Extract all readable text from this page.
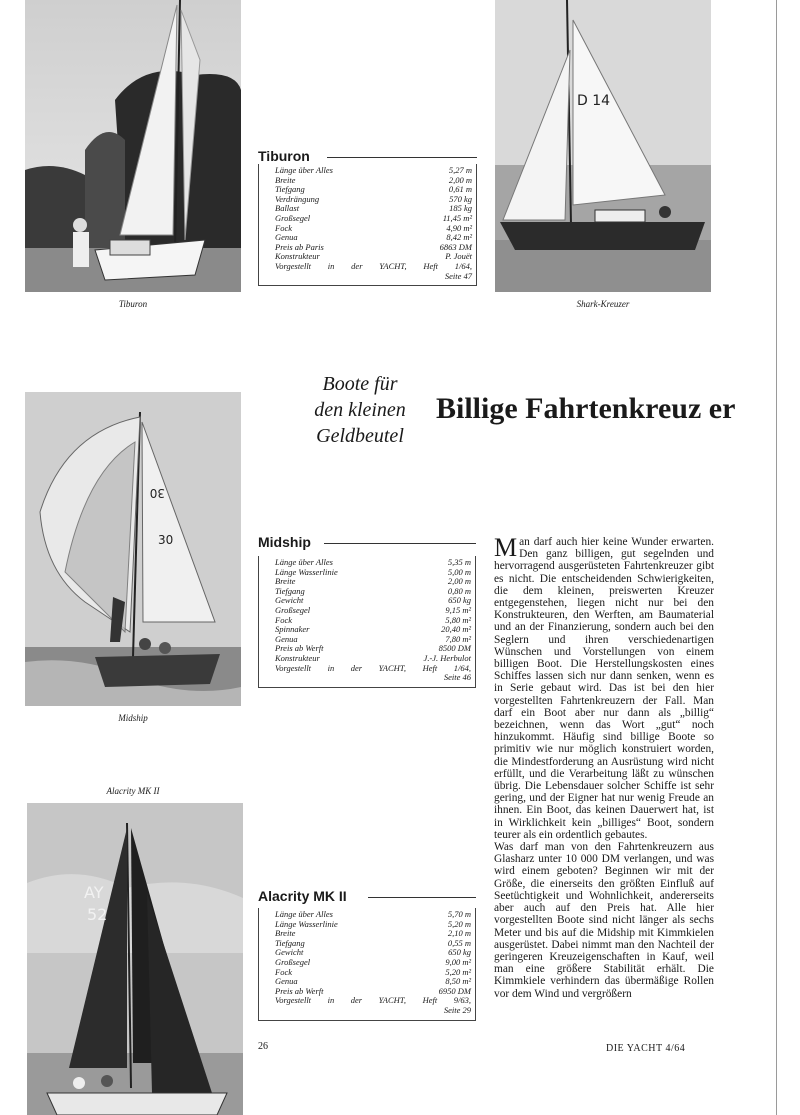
Tiburon
D 14
Shark-Kreuzer
30
30
Midship
Alacrity MK II
AY
52
Tiburon
Länge über Alles	5,27 m
Breite	2,00 m
Tiefgang	0,61 m
Verdrängung	570 kg
Ballast	185 kg
Großsegel	11,45 m²
Fock	4,90 m²
Genua	8,42 m²
Preis ab Paris	6863 DM
Konstrukteur	P. Jouët
Vorgestellt in der YACHT, Heft 1/64,
Seite 47
Midship
Länge über Alles	5,35 m
Länge Wasserlinie	5,00 m
Breite	2,00 m
Tiefgang	0,80 m
Gewicht	650 kg
Großsegel	9,15 m²
Fock	5,80 m²
Spinnaker	20,40 m²
Genua	7,80 m²
Preis ab Werft	8500 DM
Konstrukteur	J.-J. Herbulot
Vorgestellt in der YACHT, Heft 1/64,
Seite 46
Alacrity MK II
Länge über Alles	5,70 m
Länge Wasserlinie	5,20 m
Breite	2,10 m
Tiefgang	0,55 m
Gewicht	650 kg
Großsegel	9,00 m²
Fock	5,20 m²
Genua	8,50 m²
Preis ab Werft	6950 DM
Vorgestellt in der YACHT, Heft 9/63,
Seite 29
Boote für
den kleinen
Geldbeutel
Billige Fahrtenkreuz er
M an darf auch hier keine Wunder erwarten. Den ganz billigen, gut segelnden und hervorragend ausgerüsteten Fahrtenkreuzer gibt es nicht. Die entscheidenden Schwierigkeiten, die dem kleinen, preiswerten Kreuzer entgegenstehen, liegen nicht nur bei den Konstrukteuren, den Werften, am Baumaterial und an der Finanzierung, sondern auch bei den Seglern und ihren verschiedenartigen Wünschen und Vorstellungen von einem billigen Boot. Die Herstellungskosten eines Schiffes lassen sich nur dann senken, wenn es in Serie gebaut wird. Das ist bei den hier vorgestellten Fahrtenkreuzern der Fall. Man darf ein Boot aber nur dann als „billig“ bezeichnen, wenn das Wort „gut“ noch hinzukommt. Häufig sind billige Boote so primitiv wie nur möglich konstruiert worden, die Mindestforderung an Ausrüstung wird nicht erfüllt, und die Verarbeitung läßt zu wünschen übrig. Die Lebensdauer solcher Schiffe ist sehr gering, und der Eigner hat nur wenig Freude an ihnen. Ein Boot, das keinen Dauerwert hat, ist in Wirklichkeit kein „billiges“ Boot, sondern teurer als ein ordentlich gebautes.
Was darf man von den Fahrtenkreuzern aus Glasharz unter 10 000 DM verlangen, und was wird einem geboten? Beginnen wir mit der Größe, die einerseits den größten Einfluß auf Seetüchtigkeit und Wohnlichkeit, andererseits aber auch auf den Preis hat. Alle hier vorgestellten Boote sind nicht länger als sechs Meter und bis auf die Midship mit Kimmkielen ausgerüstet. Dabei nimmt man den Nachteil der geringeren Kreuzeigenschaften in Kauf, weil man eine größere Stabilität erhält. Die Kimmkiele verhindern das übermäßige Rollen vor dem Wind und vergrößern
26	DIE YACHT 4/64
